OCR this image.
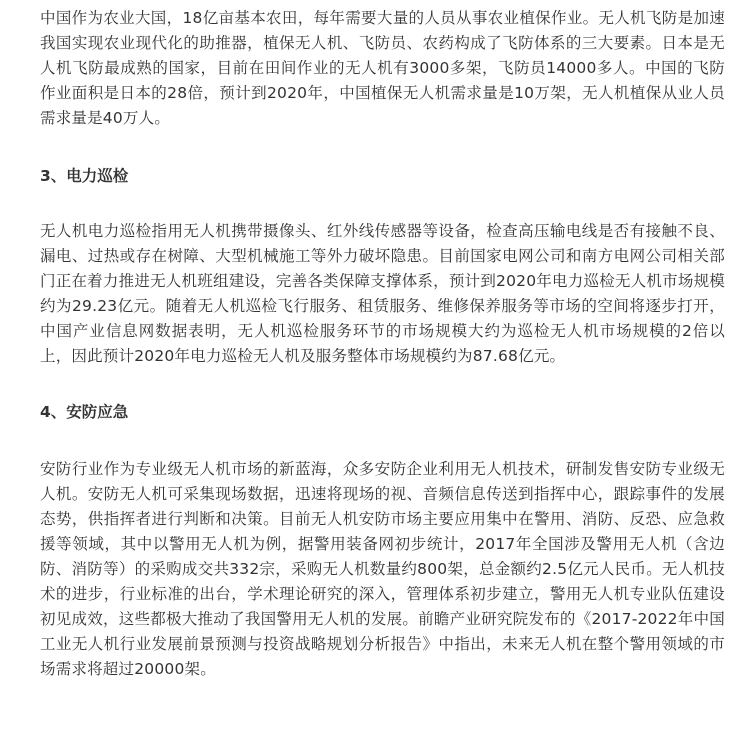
中国作为农业大国，18亿亩基本农田，每年需要大量的人员从事农业植保作业。无人机飞防是加速我国实现农业现代化的助推器，植保无人机、飞防员、农药构成了飞防体系的三大要素。日本是无人机飞防最成熟的国家，目前在田间作业的无人机有3000多架，飞防员14000多人。中国的飞防作业面积是日本的28倍，预计到2020年，中国植保无人机需求量是10万架，无人机植保从业人员需求量是40万人。

3、电力巡检

无人机电力巡检指用无人机携带摄像头、红外线传感器等设备，检查高压输电线是否有接触不良、漏电、过热或存在树障、大型机械施工等外力破坏隐患。目前国家电网公司和南方电网公司相关部门正在着力推进无人机班组建设，完善各类保障支撑体系，预计到2020年电力巡检无人机市场规模约为29.23亿元。随着无人机巡检飞行服务、租赁服务、维修保养服务等市场的空间将逐步打开，中国产业信息网数据表明，无人机巡检服务环节的市场规模大约为巡检无人机市场规模的2倍以上，因此预计2020年电力巡检无人机及服务整体市场规模约为87.68亿元。

4、安防应急

安防行业作为专业级无人机市场的新蓝海，众多安防企业利用无人机技术，研制发售安防专业级无人机。安防无人机可采集现场数据，迅速将现场的视、音频信息传送到指挥中心，跟踪事件的发展态势，供指挥者进行判断和决策。目前无人机安防市场主要应用集中在警用、消防、反恐、应急救援等领域，其中以警用无人机为例，据警用装备网初步统计，2017年全国涉及警用无人机（含边防、消防等）的采购成交共332宗，采购无人机数量约800架，总金额约2.5亿元人民币。无人机技术的进步，行业标准的出台，学术理论研究的深入，管理体系初步建立，警用无人机专业队伍建设初见成效，这些都极大推动了我国警用无人机的发展。前瞻产业研究院发布的《2017-2022年中国工业无人机行业发展前景预测与投资战略规划分析报告》中指出，未来无人机在整个警用领域的市场需求将超过20000架。
